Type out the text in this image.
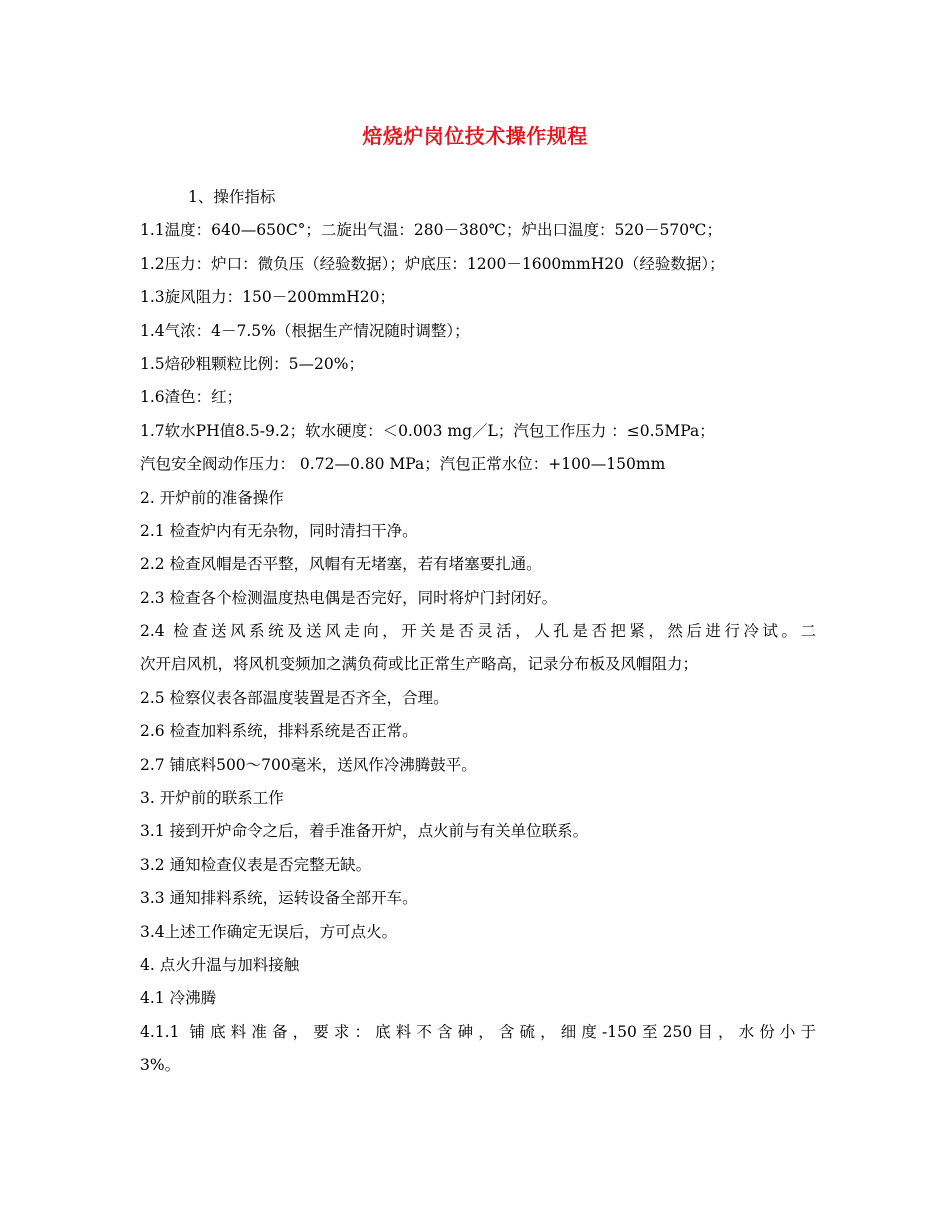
焙烧炉岗位技术操作规程
1、操作指标
1.1温度：640—650C°；二旋出气温：280－380℃；炉出口温度：520－570℃；
1.2压力：炉口：微负压（经验数据）；炉底压：1200－1600mmH20（经验数据）；
1.3旋风阻力：150－200mmH20；
1.4气浓：4－7.5%（根据生产情况随时调整）；
1.5焙砂粗颗粒比例：5—20%；
1.6渣色：红；
1.7软水PH值8.5-9.2；软水硬度：＜0.003 mg／L；汽包工作压力 ：≤0.5MPa；
汽包安全阀动作压力： 0.72—0.80 MPa；汽包正常水位：+100—150mm
2. 开炉前的准备操作
2.1 检查炉内有无杂物，同时清扫干净。
2.2 检查风帽是否平整，风帽有无堵塞，若有堵塞要扎通。
2.3 检查各个检测温度热电偶是否完好，同时将炉门封闭好。
2.4 检查送风系统及送风走向，开关是否灵活，人孔是否把紧，然后进行冷试。二
次开启风机，将风机变频加之满负荷或比正常生产略高，记录分布板及风帽阻力；
2.5 检察仪表各部温度装置是否齐全，合理。
2.6 检查加料系统，排料系统是否正常。
2.7 铺底料500～700毫米，送风作冷沸腾鼓平。
3. 开炉前的联系工作
3.1 接到开炉命令之后，着手准备开炉，点火前与有关单位联系。
3.2 通知检查仪表是否完整无缺。
3.3 通知排料系统，运转设备全部开车。
3.4上述工作确定无误后，方可点火。
4. 点火升温与加料接触
4.1 冷沸腾
4.1.1 铺底料准备，要求：底料不含砷，含硫，细度-150至250目，水份小于
3%。
